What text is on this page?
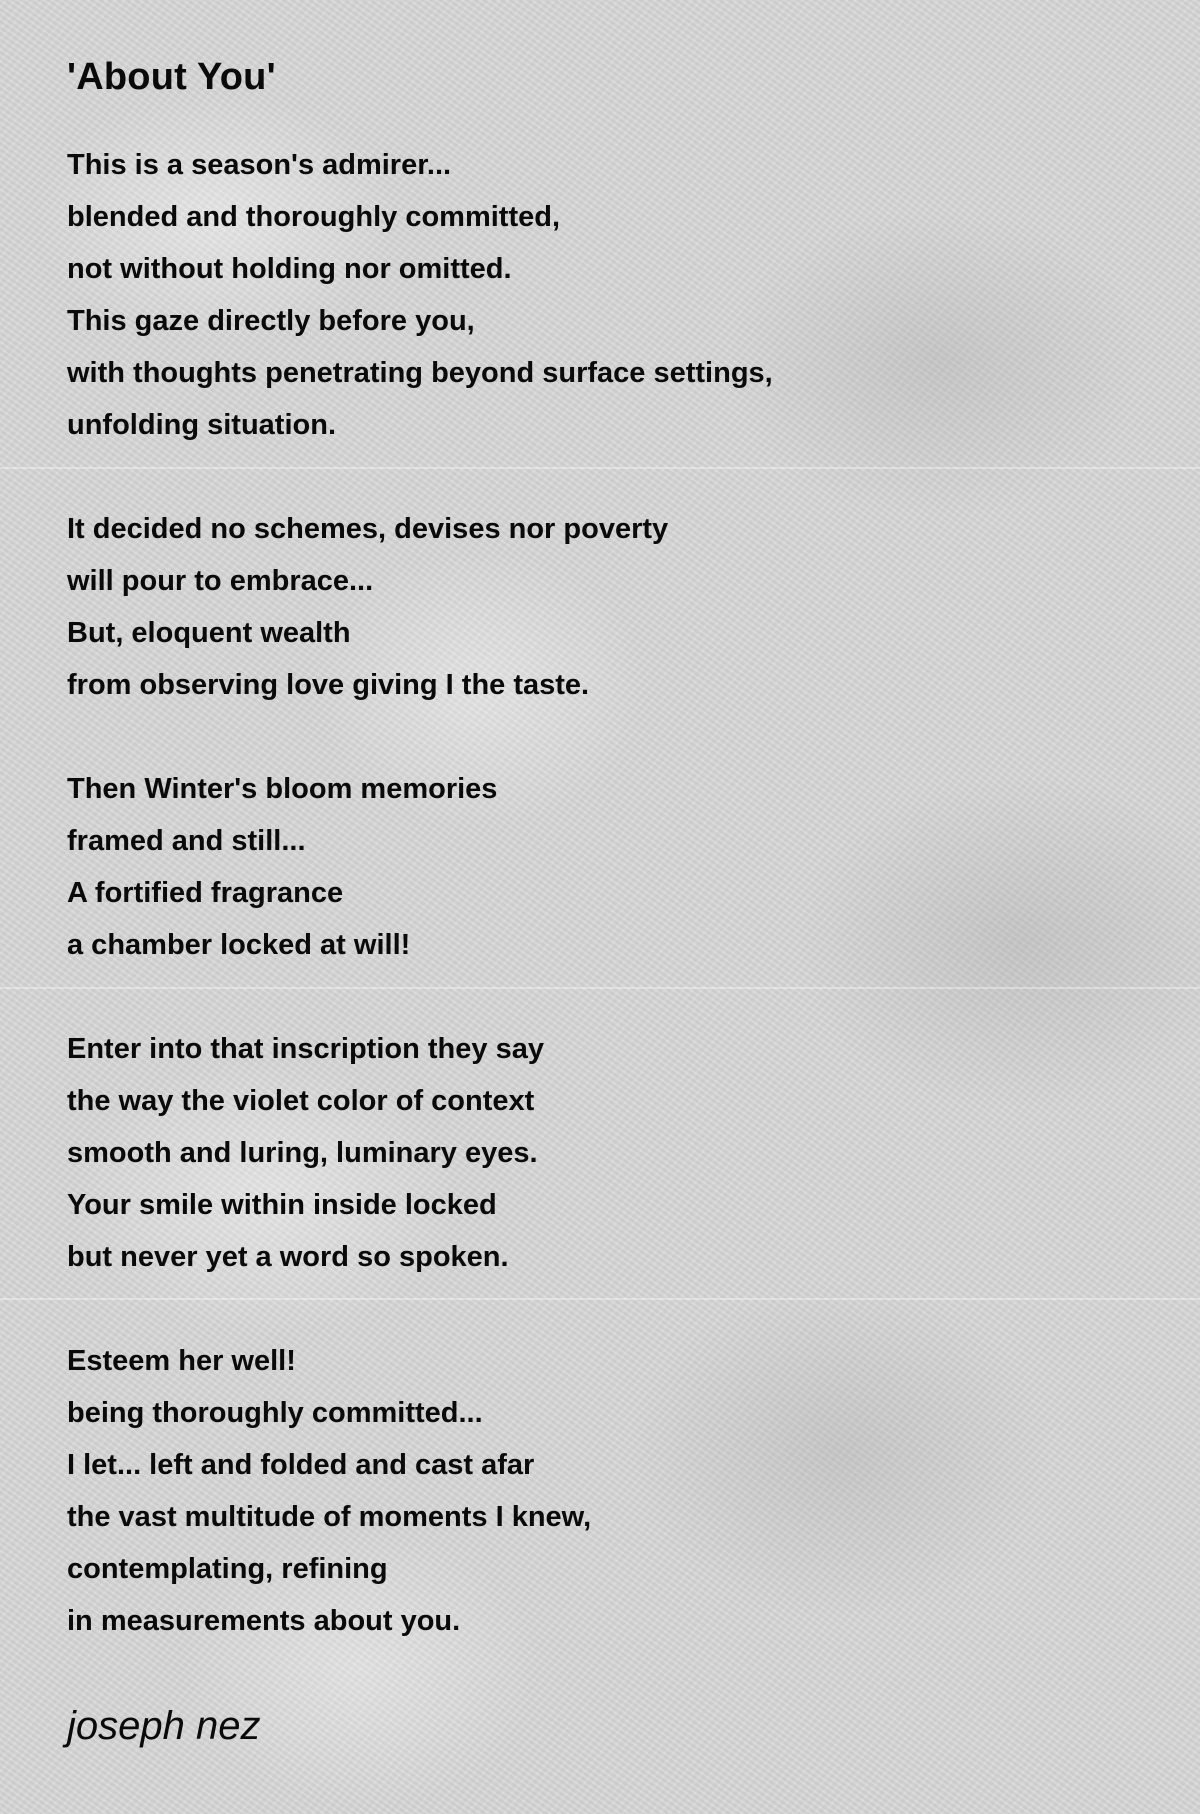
'About You'
This is a season's admirer...
blended and thoroughly committed,
not without holding nor omitted.
This gaze directly before you,
with thoughts penetrating beyond surface settings,
unfolding situation.
It decided no schemes, devises nor poverty
will pour to embrace...
But, eloquent wealth
from observing love giving I the taste.
Then Winter's bloom memories
framed and still...
A fortified fragrance
a chamber locked at will!
Enter into that inscription they say
the way the violet color of context
smooth and luring, luminary eyes.
Your smile within inside locked
but never yet a word so spoken.
Esteem her well!
being thoroughly committed...
I let... left and folded and cast afar
the vast multitude of moments I knew,
contemplating, refining
in measurements about you.
joseph nez
